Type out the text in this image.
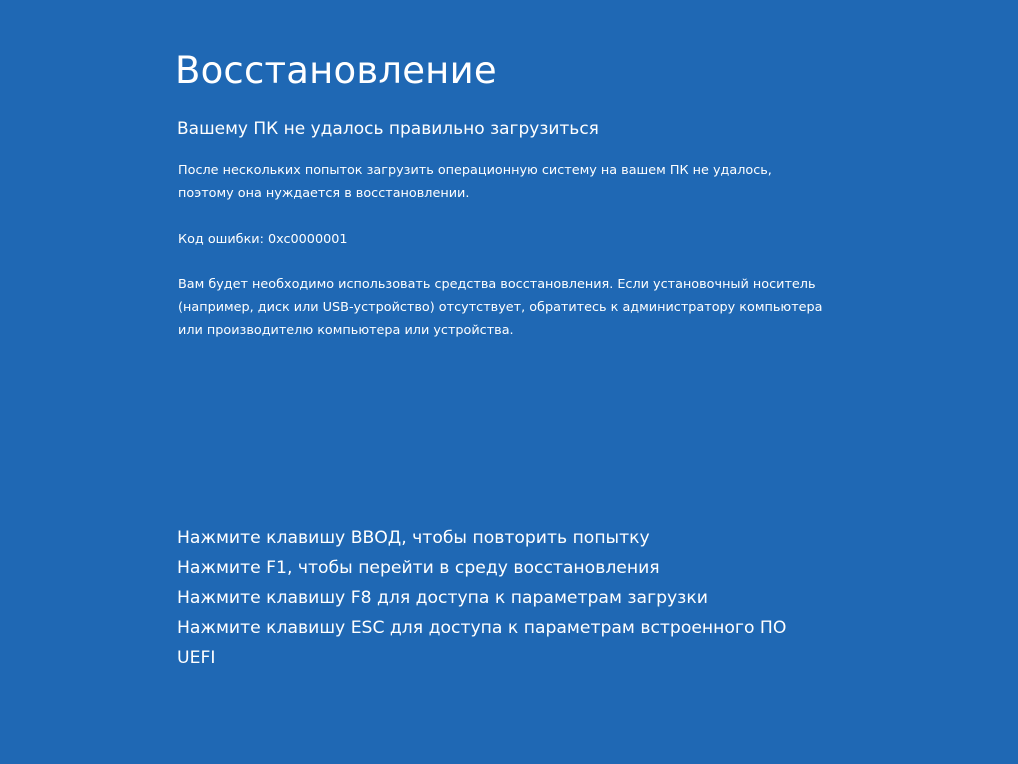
Восстановление
Вашему ПК не удалось правильно загрузиться
После нескольких попыток загрузить операционную систему на вашем ПК не удалось,
поэтому она нуждается в восстановлении.
Код ошибки: 0xc0000001
Вам будет необходимо использовать средства восстановления. Если установочный носитель
(например, диск или USB-устройство) отсутствует, обратитесь к администратору компьютера
или производителю компьютера или устройства.
Нажмите клавишу ВВОД, чтобы повторить попытку
Нажмите F1, чтобы перейти в среду восстановления
Нажмите клавишу F8 для доступа к параметрам загрузки
Нажмите клавишу ESC для доступа к параметрам встроенного ПО
UEFI
